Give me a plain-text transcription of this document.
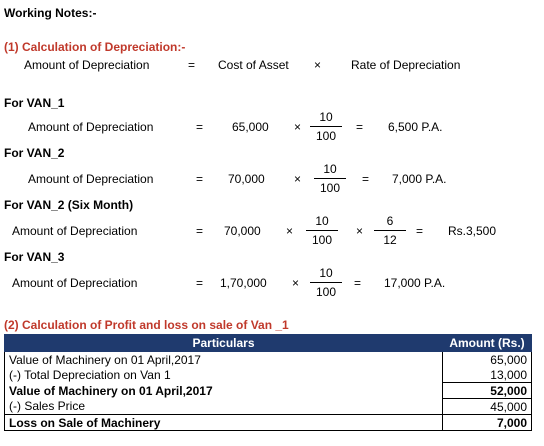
Working Notes:-
(1) Calculation of Depreciation:-
Amount of Depreciation	= Cost of Asset × Rate of Depreciation
For VAN_1
Amount of Depreciation	= 65,000 ×
10
100
= 6,500 P.A.
For VAN_2
Amount of Depreciation	= 70,000 ×
10
100
= 7,000 P.A.
For VAN_2 (Six Month)
Amount of Depreciation	= 70,000 ×
10
100
×
6
12
= Rs.3,500
For VAN_3
Amount of Depreciation	= 1,70,000 ×
10
100
= 17,000 P.A.
(2) Calculation of Profit and loss on sale of Van _1
Particulars	Amount (Rs.)
Value of Machinery on 01 April,2017	65,000
(-) Total Depreciation on Van 1	13,000
Value of Machinery on 01 April,2017	52,000
(-) Sales Price	45,000
Loss on Sale of Machinery	7,000
